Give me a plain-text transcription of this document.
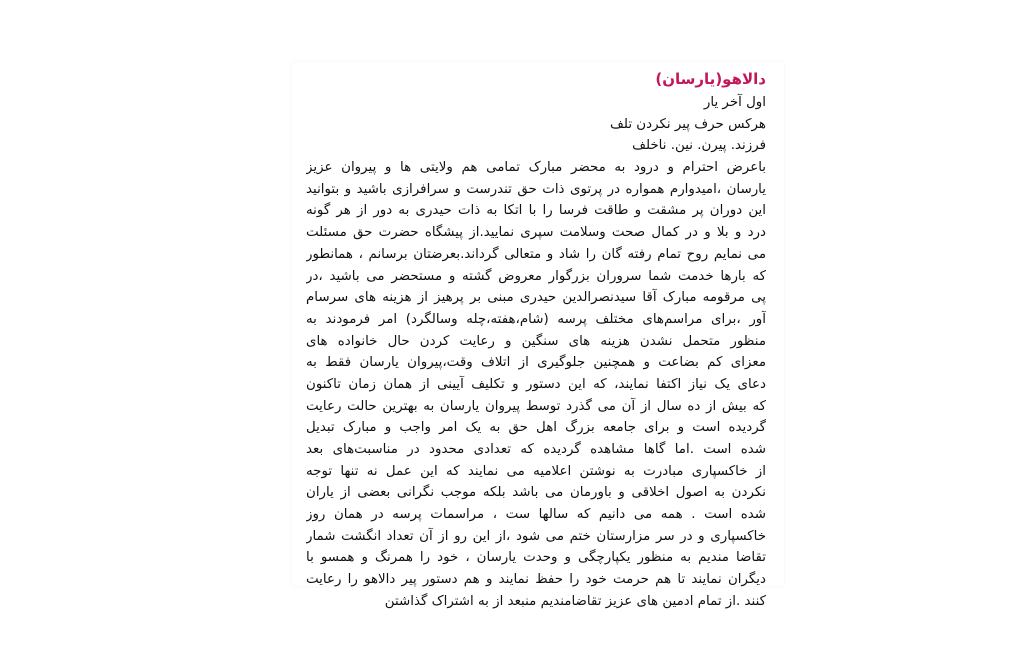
دالاهو(یارسان)
اول آخر یار
هرکس حرف پیر نکردن تلف
فرزند. پیرن. نین. ناخلف
باعرض احترام و درود به محضر مبارک تمامی هم ولایتی ها و پیروان عزیز
یارسان ،امیدوارم همواره در پرتوی ذات حق تندرست و سرافرازی باشید و بتوانید
این دوران پر مشقت و طاقت فرسا را با اتکا به ذات حیدری به دور از هر گونه
درد و بلا و در کمال صحت وسلامت سپری نمایید.از پیشگاه حضرت حق مسئلت
می نمایم روح تمام رفته گان را شاد و متعالی گرداند.بعرضتان برسانم ، همانطور
که بارها خدمت شما سروران بزرگوار معروض گشته و مستحضر می باشید ،در
پی مرقومه مبارک آقا سیدنصرالدین حیدری مبنی بر پرهیز از هزینه های سرسام
آور ،برای مراسم‌های مختلف پرسه (شام،هفته،چله وسالگرد) امر فرمودند به
منظور متحمل نشدن هزینه های سنگین و رعایت کردن حال خانواده های
معزای کم بضاعت و همچنین جلوگیری از اتلاف وقت،پیروان یارسان فقط به
دعای یک نیاز اکتفا نمایند، که این دستور و تکلیف آیینی از همان زمان تاکنون
که بیش از ده سال از آن می گذرد توسط پیروان یارسان به بهترین حالت رعایت
گردیده است و برای جامعه بزرگ اهل حق به یک امر واجب و مبارک تبدیل
شده است .اما گاها مشاهده گردیده که تعدادی محدود در مناسبت‌های بعد
از خاکسپاری مبادرت به نوشتن اعلامیه می نمایند که این عمل نه تنها توجه
نکردن به اصول اخلاقی و باورمان می باشد بلکه موجب نگرانی بعضی از یاران
شده است . همه می دانیم که سالها ست ، مراسمات پرسه در همان روز
خاکسپاری و در سر مزارستان ختم می شود ،از این رو از آن تعداد انگشت شمار
تقاضا مندیم به منظور یکپارچگی و وحدت یارسان ، خود را همرنگ و همسو با
دیگران نمایند تا هم حرمت خود را حفظ نمایند و هم دستور پیر دالاهو را رعایت
کنند .از تمام ادمین های عزیز تقاضامندیم منبعد از به اشتراک گذاشتن
